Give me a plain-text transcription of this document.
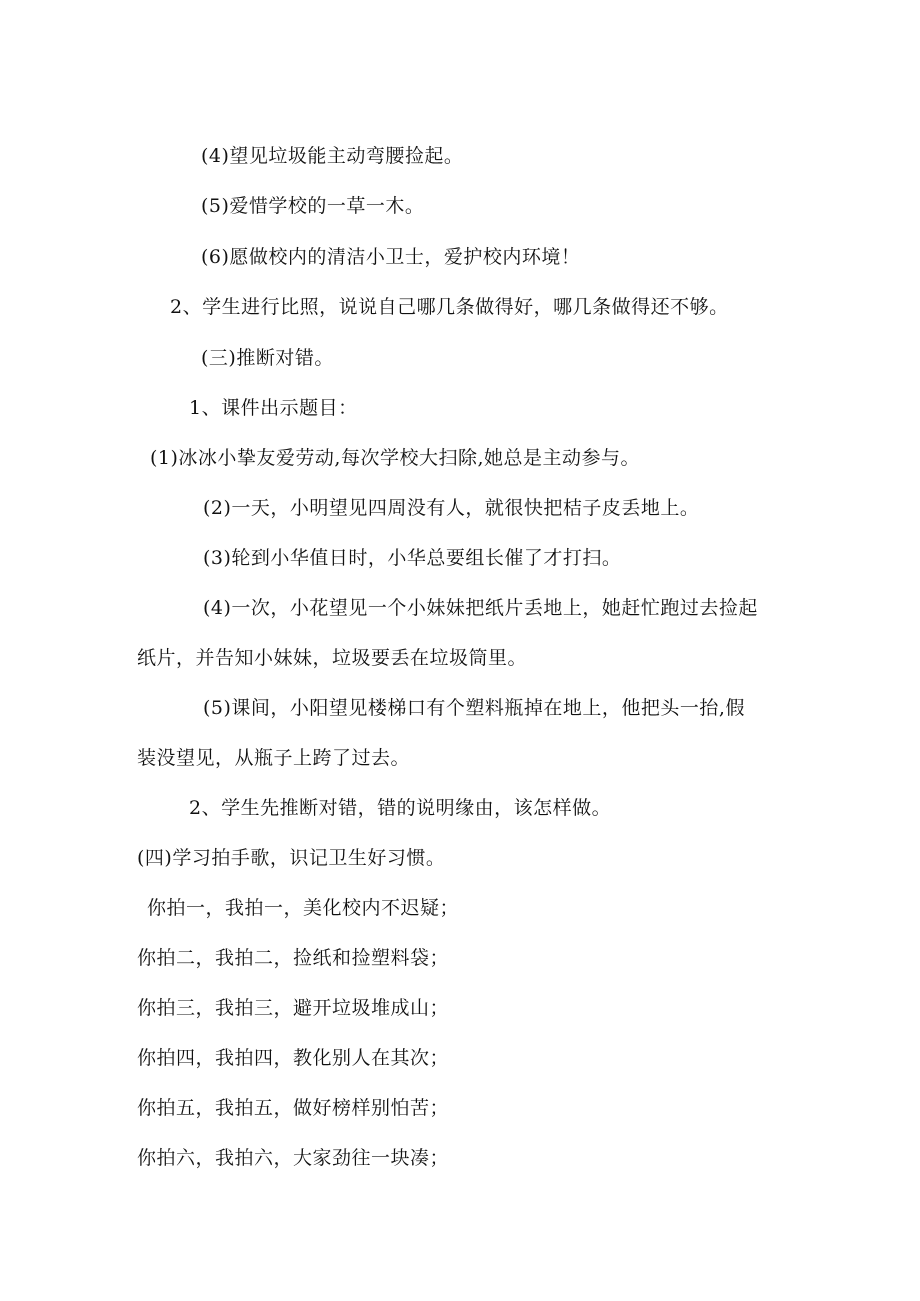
(4)望见垃圾能主动弯腰捡起。
(5)爱惜学校的一草一木。
(6)愿做校内的清洁小卫士，爱护校内环境！
2、学生进行比照，说说自己哪几条做得好，哪几条做得还不够。
(三)推断对错。
1、课件出示题目：
(1)冰冰小挚友爱劳动,每次学校大扫除,她总是主动参与。
(2)一天，小明望见四周没有人，就很快把桔子皮丢地上。
(3)轮到小华值日时，小华总要组长催了才打扫。
(4)一次，小花望见一个小妹妹把纸片丢地上，她赶忙跑过去捡起
纸片，并告知小妹妹，垃圾要丢在垃圾筒里。
(5)课间，小阳望见楼梯口有个塑料瓶掉在地上，他把头一抬,假
装没望见，从瓶子上跨了过去。
2、学生先推断对错，错的说明缘由，该怎样做。
(四)学习拍手歌，识记卫生好习惯。
你拍一，我拍一，美化校内不迟疑；
你拍二，我拍二，捡纸和捡塑料袋；
你拍三，我拍三，避开垃圾堆成山；
你拍四，我拍四，教化别人在其次；
你拍五，我拍五，做好榜样别怕苦；
你拍六，我拍六，大家劲往一块凑；
